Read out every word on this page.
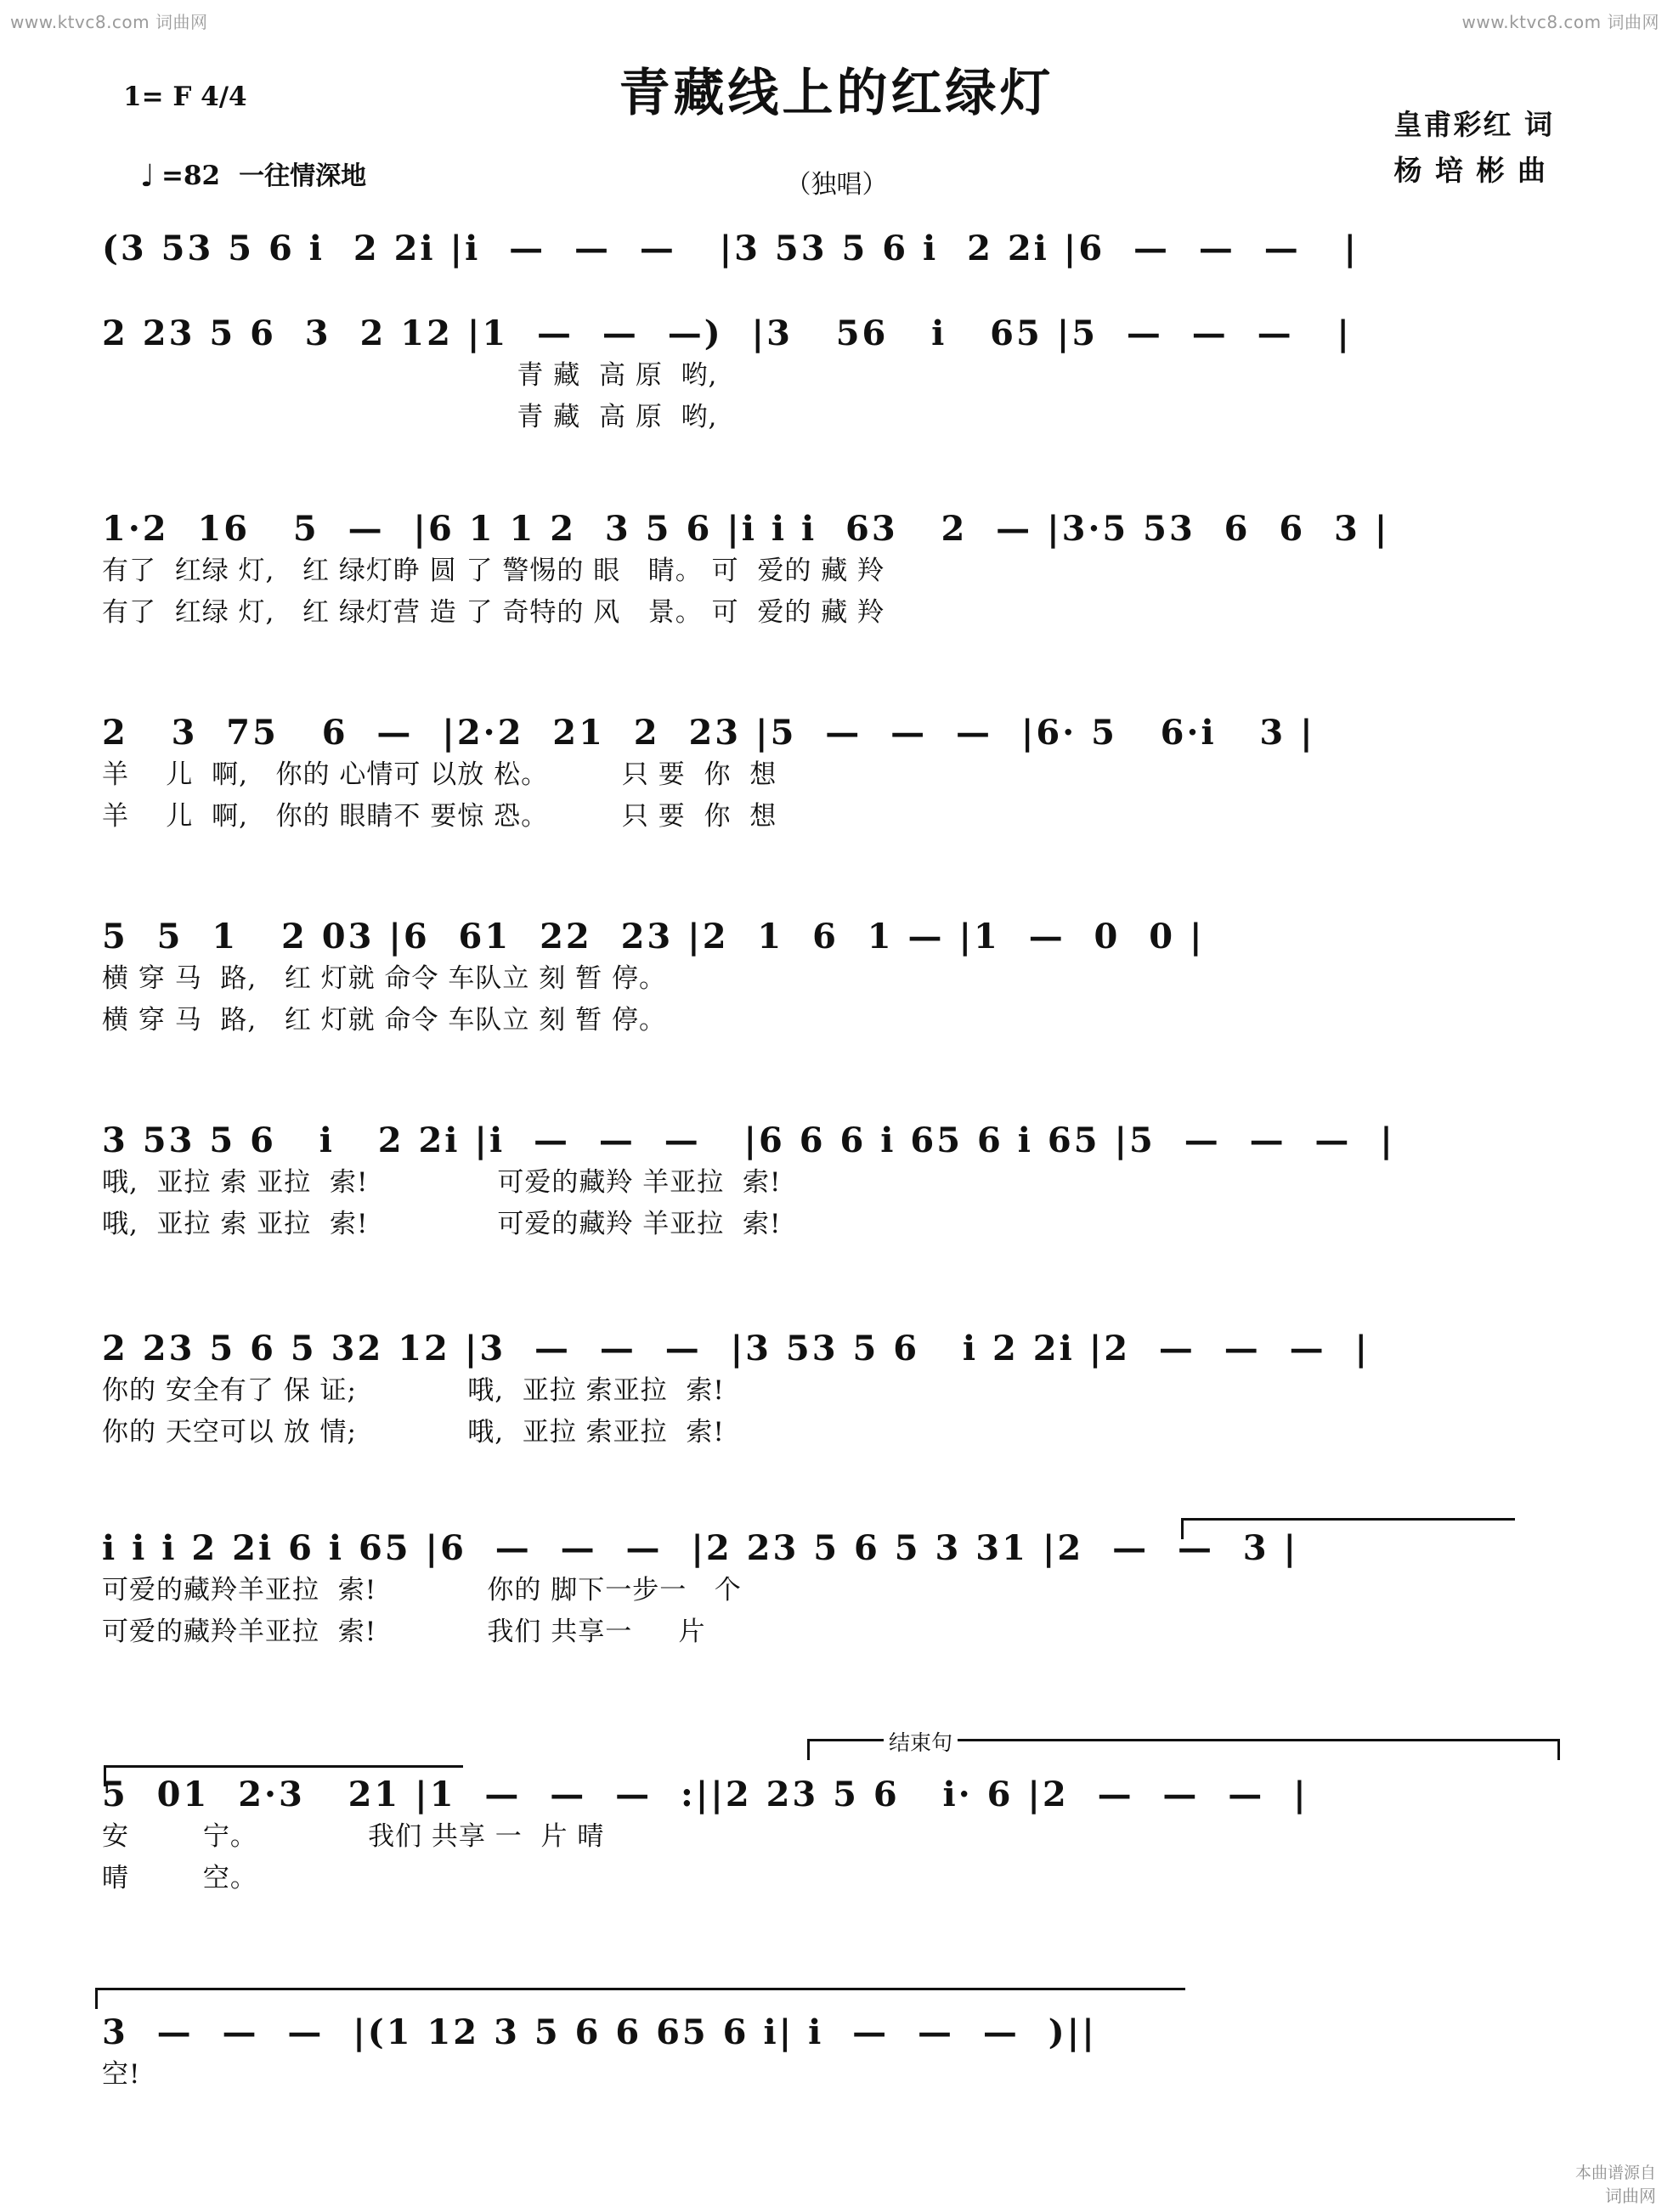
www.ktvc8.com 词曲网	www.ktvc8.com 词曲网
青藏线上的红绿灯
（独唱）
1= F 4/4
♩ =82 一往情深地
皇甫彩红 词
杨 培 彬 曲
(3 53 5 6 i  2 2i |i  —  —  —   |3 53 5 6 i  2 2i |6  —  —  —   |
2 23 5 6  3  2 12 |1  —  —  —)  |3   56   i   65 |5  —  —  —   |
青 藏  高 原  哟,
青 藏  高 原  哟,
1·2  16   5  —  |6 1 1 2  3 5 6 |i i i  63   2  — |3·5 53  6  6  3 |
有了  红绿 灯,   红 绿灯睁 圆 了 警惕的 眼   睛。 可  爱的 藏 羚
有了  红绿 灯,   红 绿灯营 造 了 奇特的 风   景。 可  爱的 藏 羚
2   3  75   6  —  |2·2  21  2  23 |5  —  —  —  |6· 5   6·i   3 |
羊    儿  啊,   你的 心情可 以放 松。        只 要  你  想
羊    儿  啊,   你的 眼睛不 要惊 恐。        只 要  你  想
5  5  1   2 03 |6  61  22  23 |2  1  6  1 — |1  —  0  0 |
横 穿 马  路,   红 灯就 命令 车队立 刻 暂 停。
横 穿 马  路,   红 灯就 命令 车队立 刻 暂 停。
3 53 5 6   i   2 2i |i  —  —  —   |6 6 6 i 65 6 i 65 |5  —  —  —  |
哦,  亚拉 索 亚拉  索!              可爱的藏羚 羊亚拉  索!
哦,  亚拉 索 亚拉  索!              可爱的藏羚 羊亚拉  索!
2 23 5 6 5 32 12 |3  —  —  —  |3 53 5 6   i 2 2i |2  —  —  —  |
你的 安全有了 保 证;            哦,  亚拉 索亚拉  索!
你的 天空可以 放 情;            哦,  亚拉 索亚拉  索!
i i i 2 2i 6 i 65 |6  —  —  —  |2 23 5 6 5 3 31 |2  —  —  3 |
可爱的藏羚羊亚拉  索!            你的 脚下一步一   个
可爱的藏羚羊亚拉  索!            我们 共享一     片
结束句
5  01  2·3   21 |1  —  —  —  :||2 23 5 6   i· 6 |2  —  —  —  |
安        宁。            我们 共享 一  片 晴
晴        空。
3  —  —  —  |(1 12 3 5 6 6 65 6 i| i  —  —  —  )||
空!
本曲谱源自
词曲网
